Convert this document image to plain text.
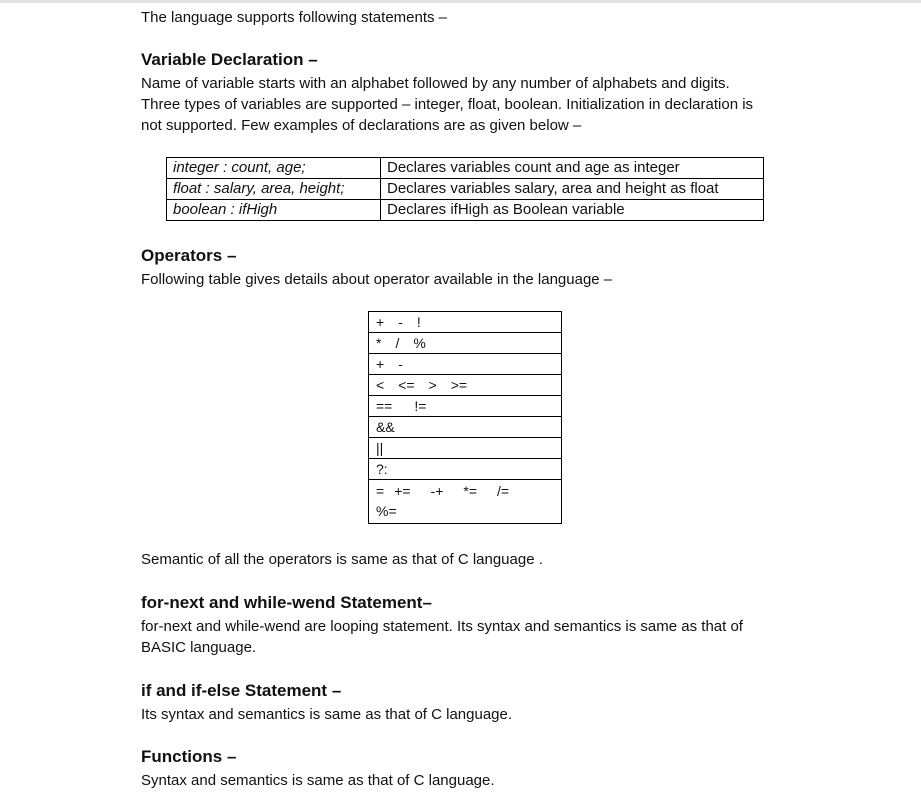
The language supports following statements –

Variable Declaration –
Name of variable starts with an alphabet followed by any number of alphabets and digits.
Three types of variables are supported – integer, float, boolean. Initialization in declaration is
not supported. Few examples of declarations are as given below –
integer : count, age;	Declares variables count and age as integer
float : salary, area, height;	Declares variables salary, area and height as float
boolean : ifHigh	Declares ifHigh as Boolean variable
Operators –

Following table gives details about operator available in the language –

+ - !
* / %
+ -
< <= > >=
== !=
&&
||
?:

= += -+ *= /=
%=

Semantic of all the operators is same as that of C language .

for-next and while-wend Statement–
for-next and while-wend are looping statement. Its syntax and semantics is same as that of
BASIC language.
if and if-else Statement –

Its syntax and semantics is same as that of C language.

Functions –

Syntax and semantics is same as that of C language.
